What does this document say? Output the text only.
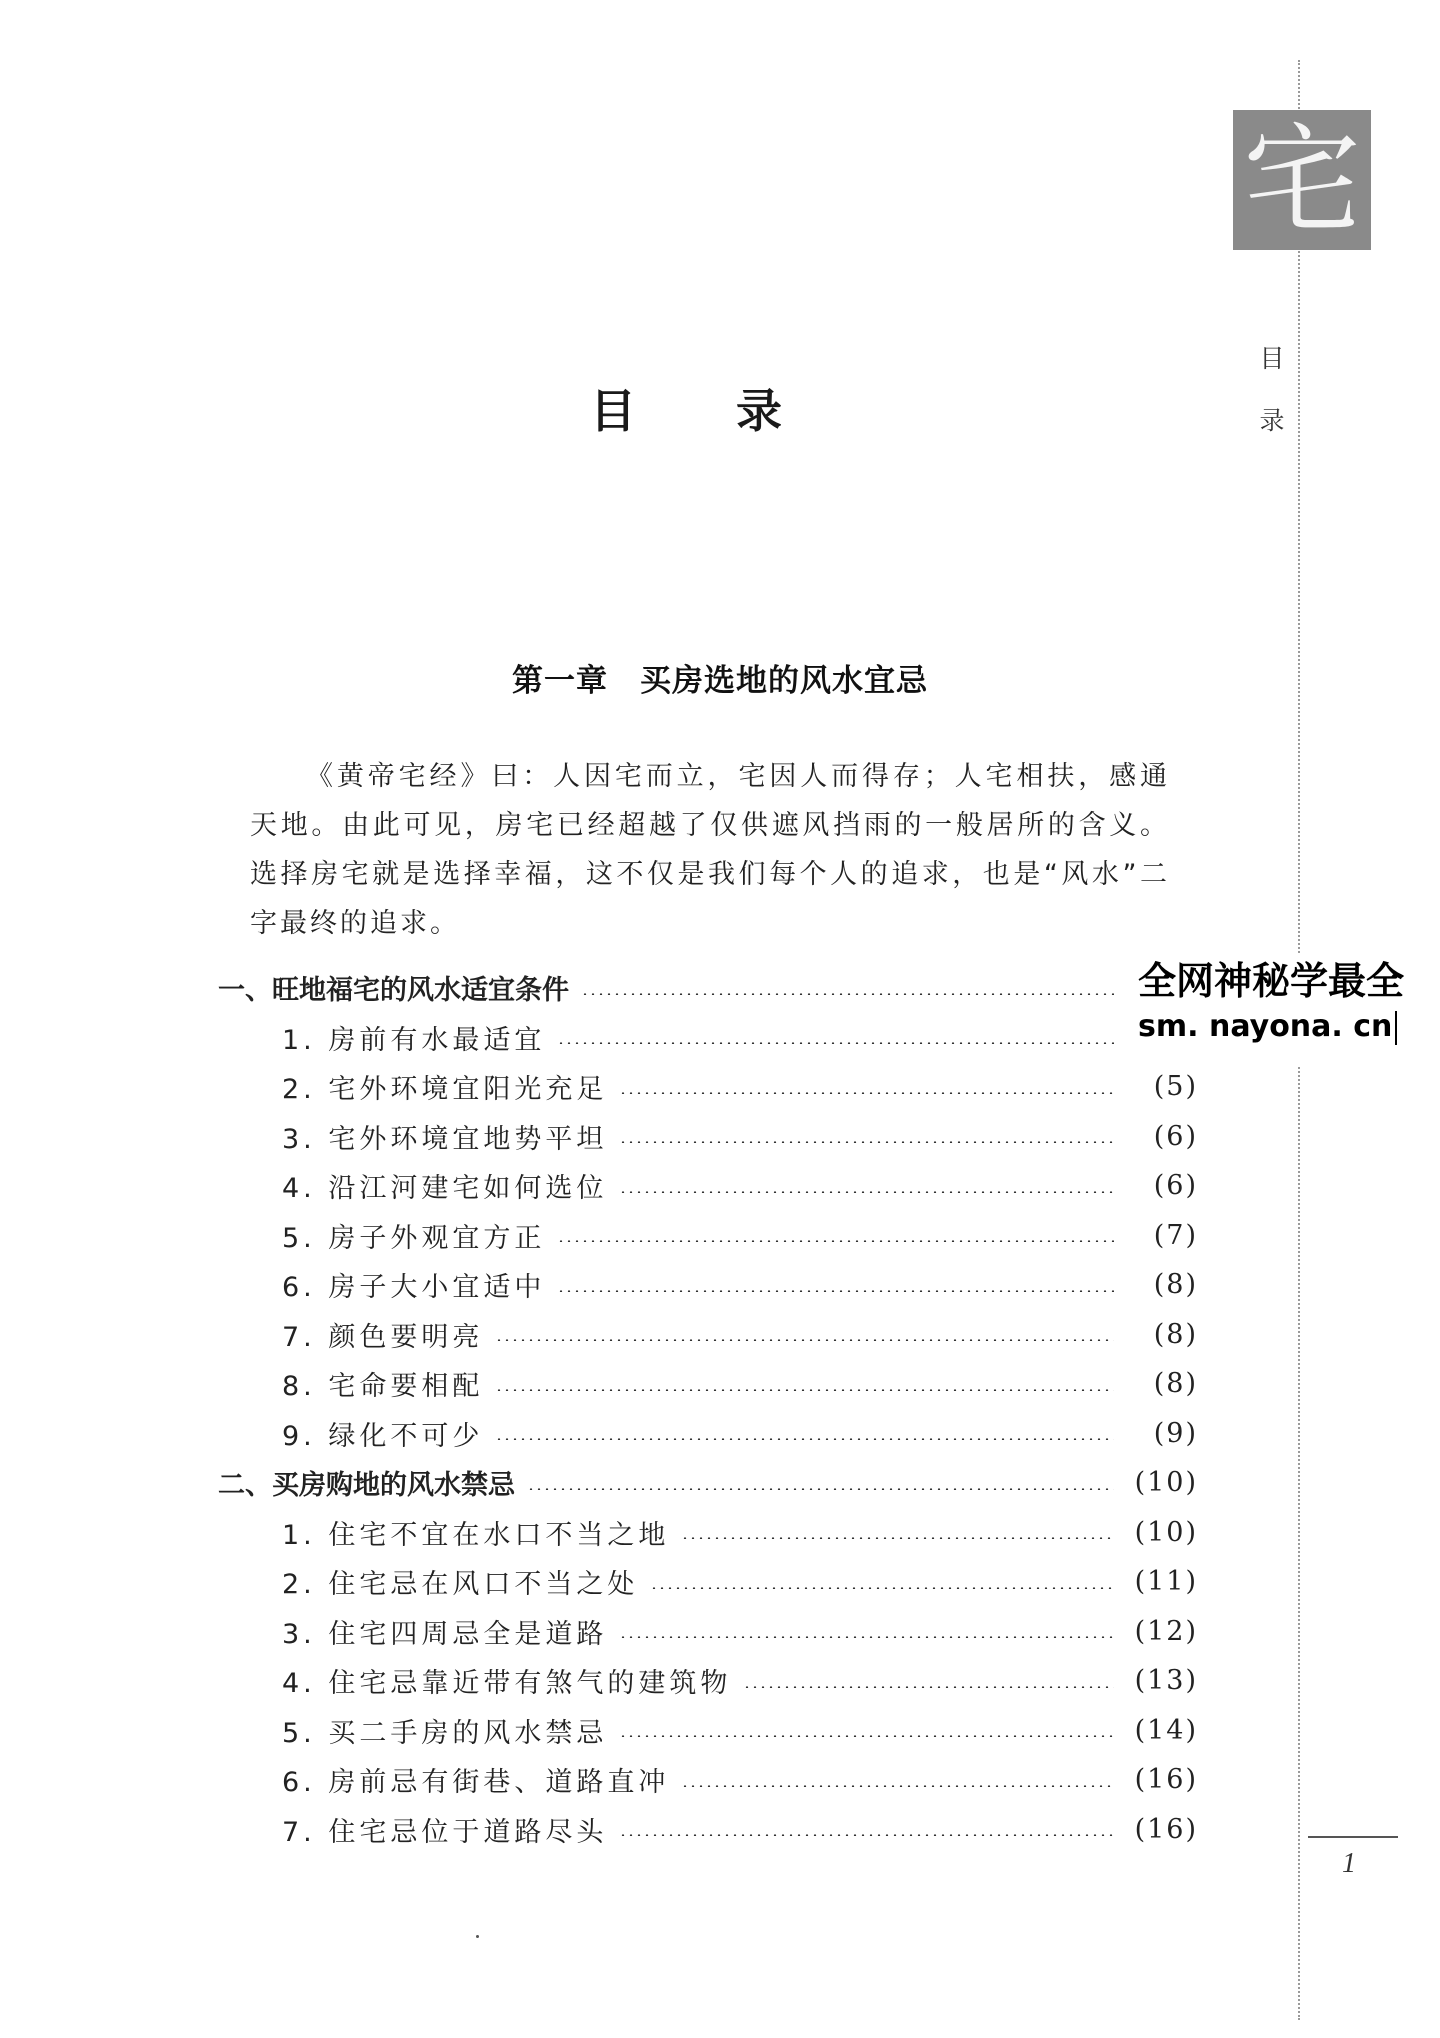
宅
目
录
目录
第一章　买房选地的风水宜忌

《黄帝宅经》曰：人因宅而立，宅因人而得存；人宅相扶，感通天地。由此可见，房宅已经超越了仅供遮风挡雨的一般居所的含义。选择房宅就是选择幸福，这不仅是我们每个人的追求，也是“风水”二字最终的追求。

一、旺地福宅的风水适宜条件
1. 房前有水最适宜
2. 宅外环境宜阳光充足	(5)
3. 宅外环境宜地势平坦	(6)
4. 沿江河建宅如何选位	(6)
5. 房子外观宜方正	(7)
6. 房子大小宜适中	(8)
7. 颜色要明亮	(8)
8. 宅命要相配	(8)
9. 绿化不可少	(9)
二、买房购地的风水禁忌	(10)
1. 住宅不宜在水口不当之地	(10)
2. 住宅忌在风口不当之处	(11)
3. 住宅四周忌全是道路	(12)
4. 住宅忌靠近带有煞气的建筑物	(13)
5. 买二手房的风水禁忌	(14)
6. 房前忌有街巷、道路直冲	(16)
7. 住宅忌位于道路尽头	(16)
全网神秘学最全
sm. nayona. cn
1
